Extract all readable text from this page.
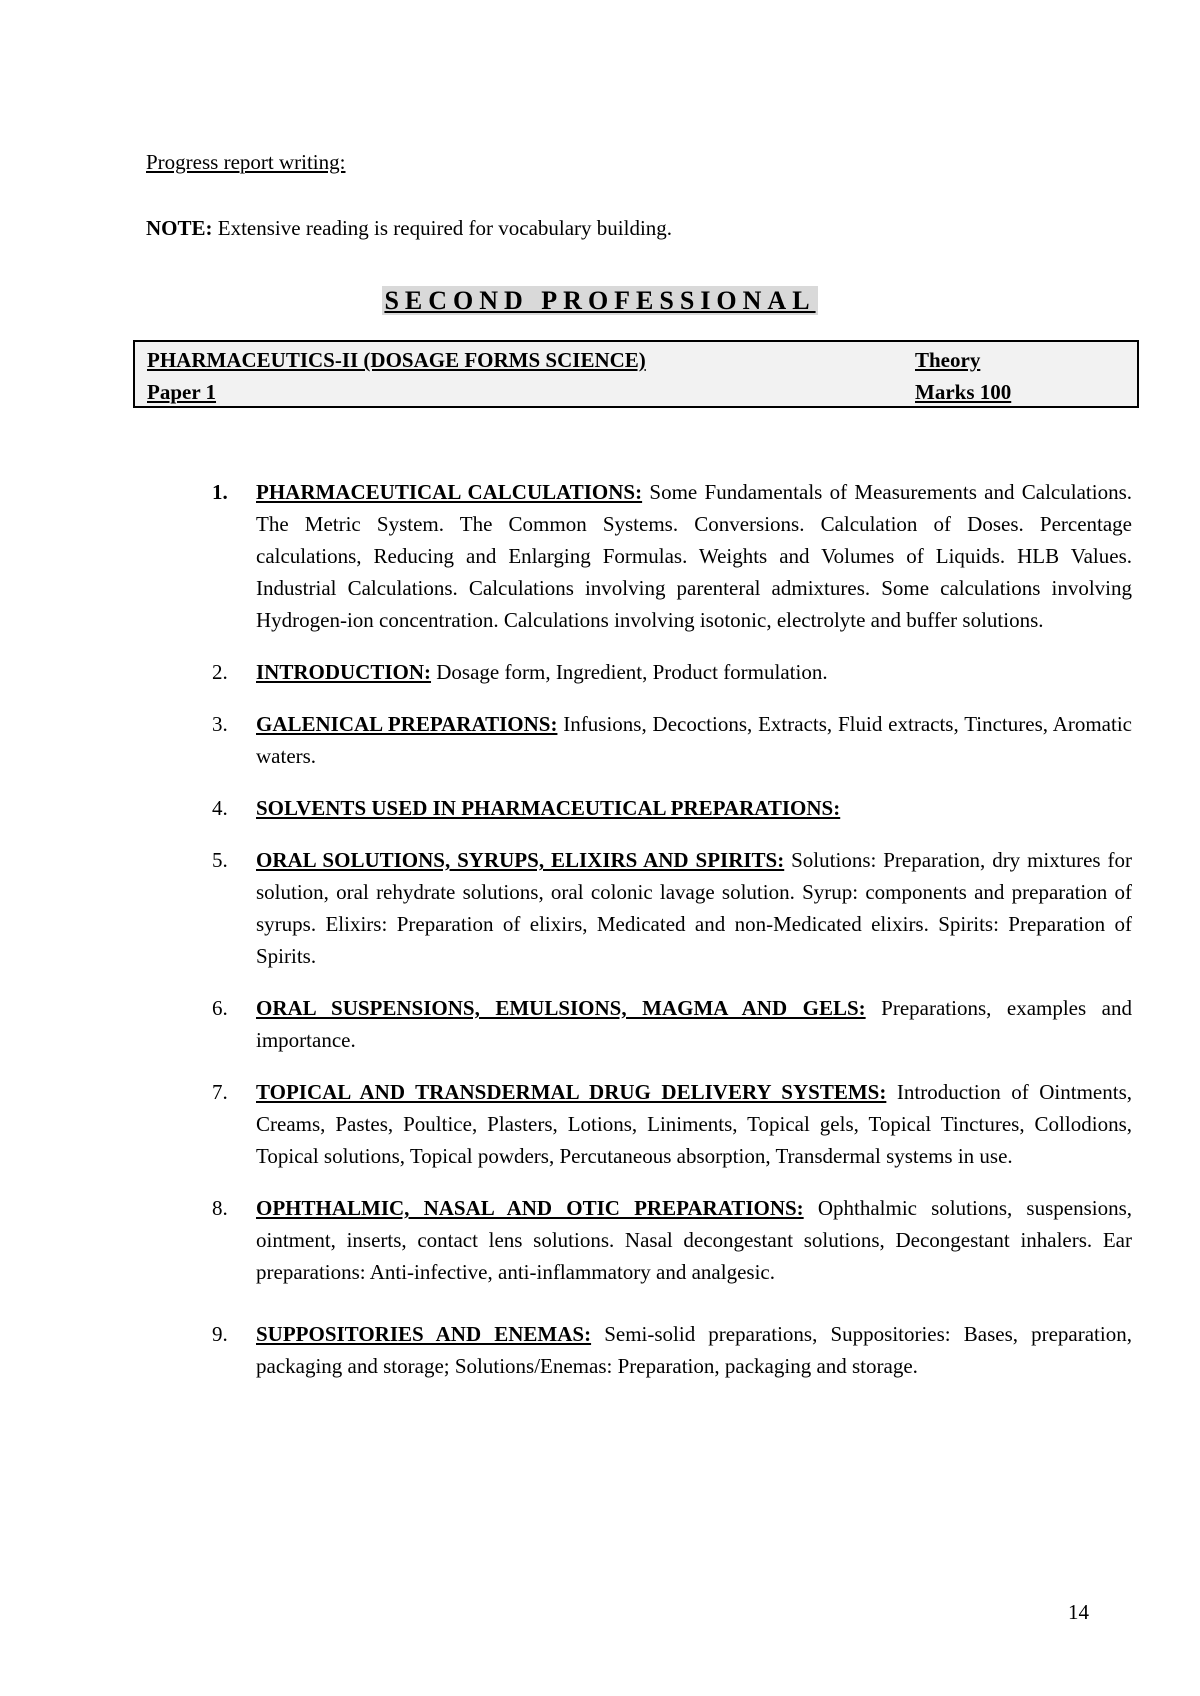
Progress report writing:
NOTE: Extensive reading is required for vocabulary building.
SECOND PROFESSIONAL
PHARMACEUTICS-II (DOSAGE FORMS SCIENCE)
Paper 1
Theory
Marks 100
1. PHARMACEUTICAL CALCULATIONS: Some Fundamentals of Measurements and Calculations. The Metric System. The Common Systems. Conversions. Calculation of Doses. Percentage calculations, Reducing and Enlarging Formulas. Weights and Volumes of Liquids. HLB Values. Industrial Calculations. Calculations involving parenteral admixtures. Some calculations involving Hydrogen-ion concentration. Calculations involving isotonic, electrolyte and buffer solutions.
2. INTRODUCTION: Dosage form, Ingredient, Product formulation.
3. GALENICAL PREPARATIONS: Infusions, Decoctions, Extracts, Fluid extracts, Tinctures, Aromatic waters.
4. SOLVENTS USED IN PHARMACEUTICAL PREPARATIONS:
5. ORAL SOLUTIONS, SYRUPS, ELIXIRS AND SPIRITS: Solutions: Preparation, dry mixtures for solution, oral rehydrate solutions, oral colonic lavage solution. Syrup: components and preparation of syrups. Elixirs: Preparation of elixirs, Medicated and non-Medicated elixirs. Spirits: Preparation of Spirits.
6. ORAL SUSPENSIONS, EMULSIONS, MAGMA AND GELS: Preparations, examples and importance.
7. TOPICAL AND TRANSDERMAL DRUG DELIVERY SYSTEMS: Introduction of Ointments, Creams, Pastes, Poultice, Plasters, Lotions, Liniments, Topical gels, Topical Tinctures, Collodions, Topical solutions, Topical powders, Percutaneous absorption, Transdermal systems in use.
8. OPHTHALMIC, NASAL AND OTIC PREPARATIONS: Ophthalmic solutions, suspensions, ointment, inserts, contact lens solutions. Nasal decongestant solutions, Decongestant inhalers. Ear preparations: Anti-infective, anti-inflammatory and analgesic.
9. SUPPOSITORIES AND ENEMAS: Semi-solid preparations, Suppositories: Bases, preparation, packaging and storage; Solutions/Enemas: Preparation, packaging and storage.
14
